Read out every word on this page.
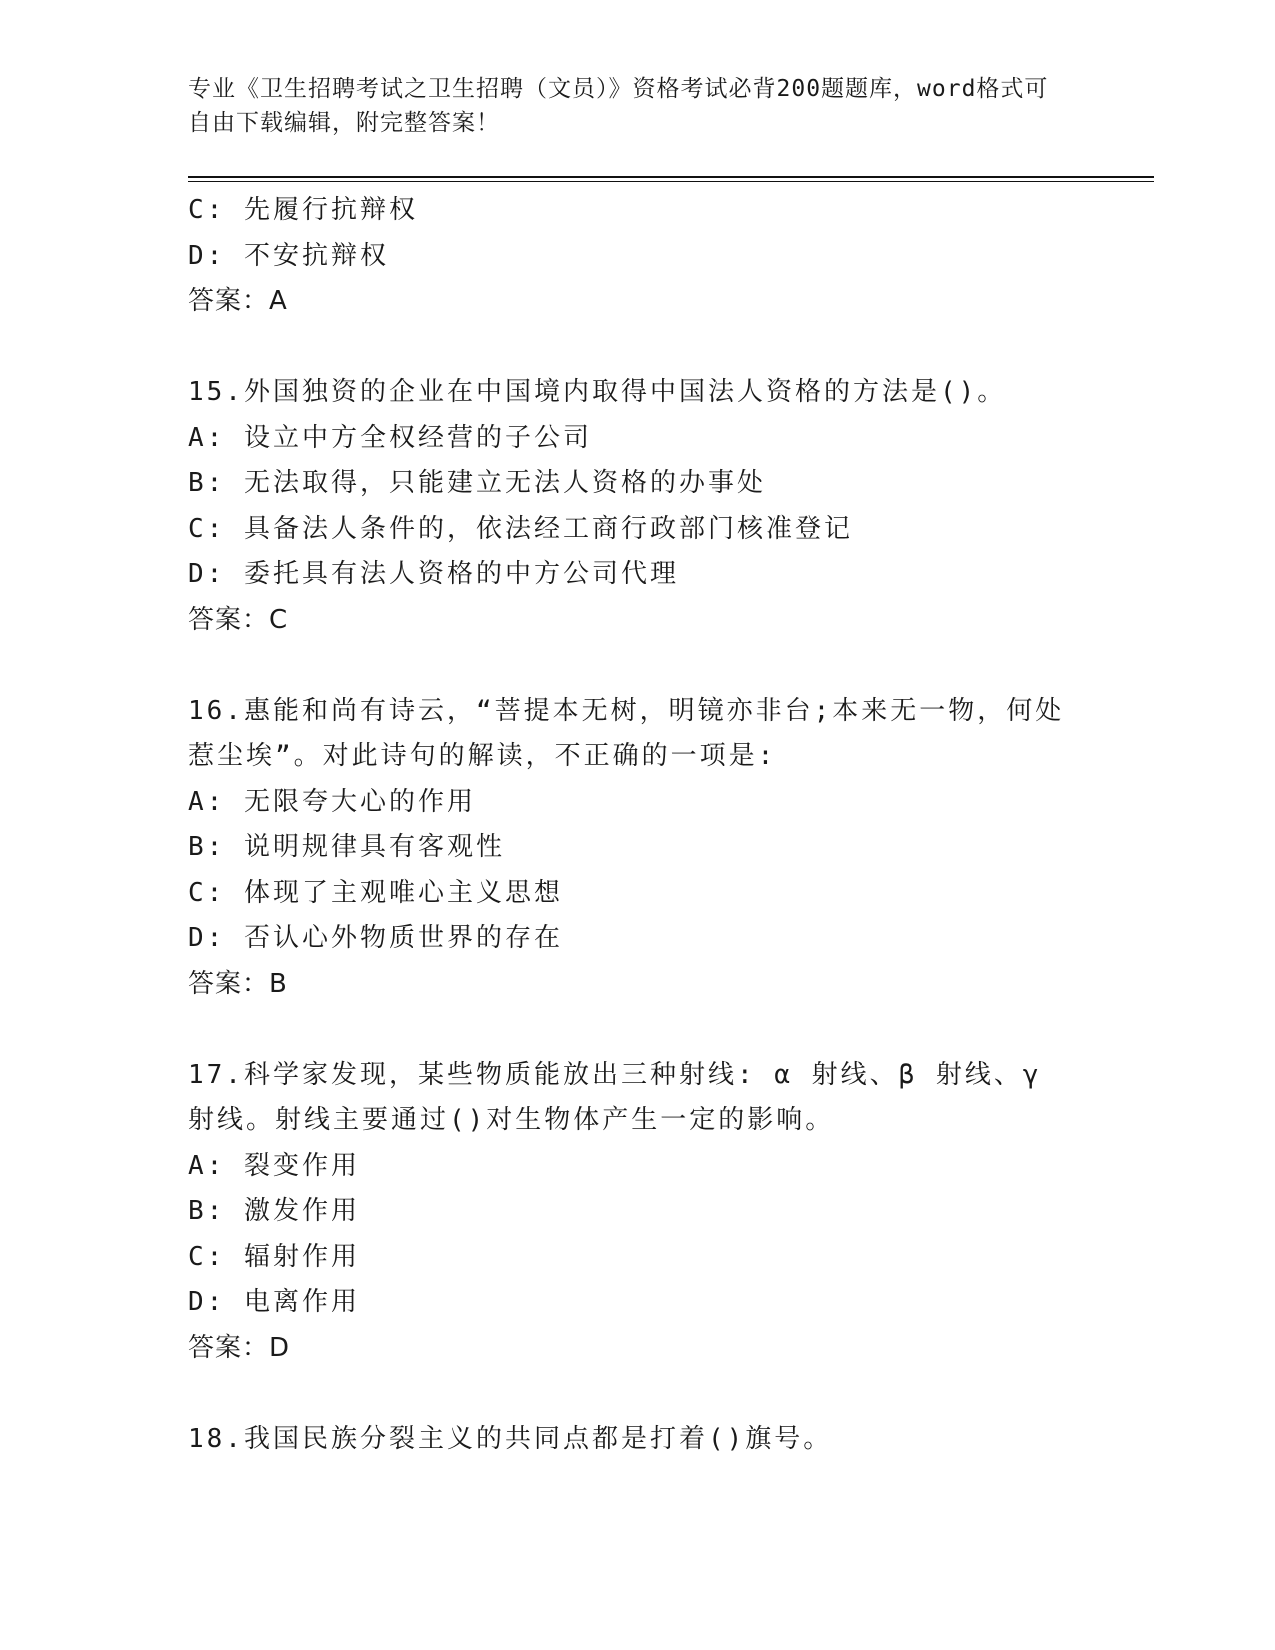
专业《卫生招聘考试之卫生招聘（文员）》资格考试必背200题题库，word格式可自由下载编辑，附完整答案！
C: 先履行抗辩权
D: 不安抗辩权
答案：A
15.外国独资的企业在中国境内取得中国法人资格的方法是()。
A: 设立中方全权经营的子公司
B: 无法取得，只能建立无法人资格的办事处
C: 具备法人条件的，依法经工商行政部门核准登记
D: 委托具有法人资格的中方公司代理
答案：C
16.惠能和尚有诗云，“菩提本无树，明镜亦非台;本来无一物，何处惹尘埃”。对此诗句的解读，不正确的一项是:
A: 无限夸大心的作用
B: 说明规律具有客观性
C: 体现了主观唯心主义思想
D: 否认心外物质世界的存在
答案：B
17.科学家发现，某些物质能放出三种射线: α 射线、β 射线、γ 射线。射线主要通过()对生物体产生一定的影响。
A: 裂变作用
B: 激发作用
C: 辐射作用
D: 电离作用
答案：D
18.我国民族分裂主义的共同点都是打着()旗号。
